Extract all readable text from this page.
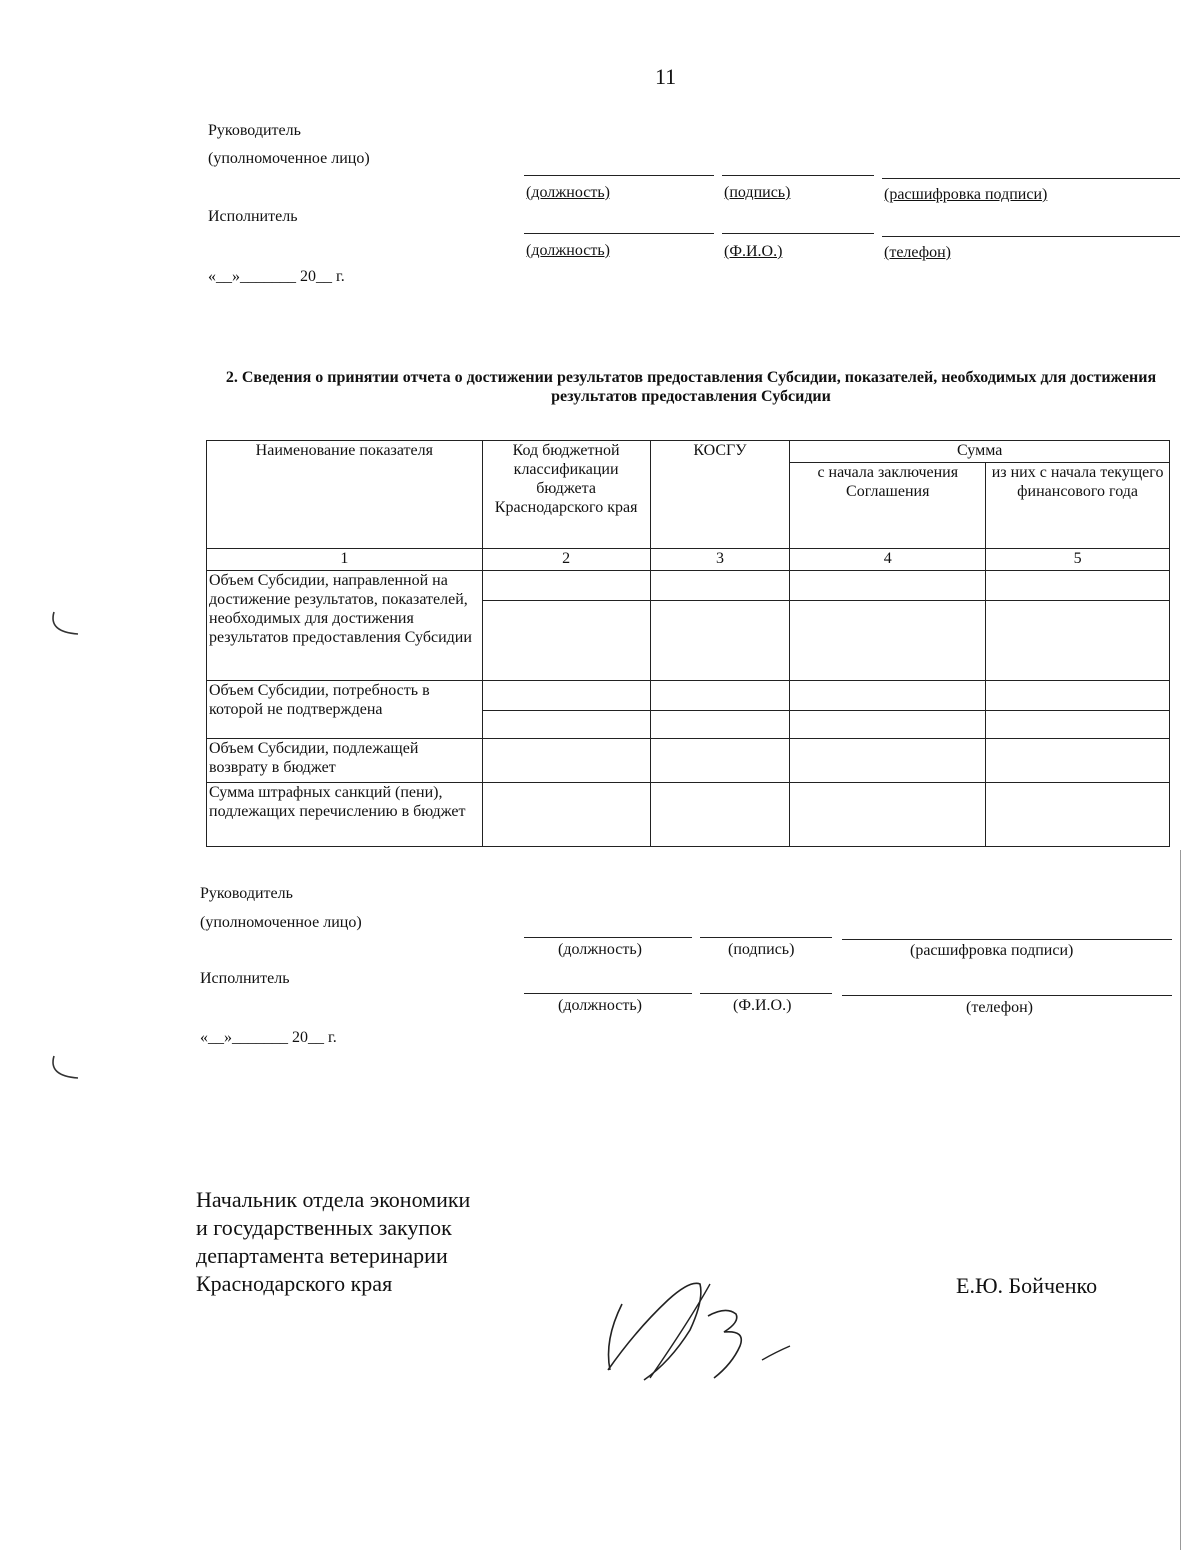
11
Руководитель
(уполномоченное лицо)
(должность)	(подпись)	(расшифровка подписи)
Исполнитель
(должность)	(Ф.И.О.)	(телефон)
«__»_______ 20__ г.
2. Сведения о принятии отчета о достижении результатов предоставления Субсидии, показателей, необходимых для достижения результатов предоставления Субсидии
Наименование показателя	Код бюджетной классификации бюджета Краснодарского края	КОСГУ	Сумма	
			с начала заключения Соглашения	из них с начала текущего финансового года
1	2	3	4	5
Объем Субсидии, направленной на достижение результатов, показателей, необходимых для достижения результатов предоставления Субсидии				

Объем Субсидии, потребность в которой не подтверждена				

Объем Субсидии, подлежащей возврату в бюджет				
Сумма штрафных санкций (пени), подлежащих перечислению в бюджет				
Руководитель
(уполномоченное лицо)
(должность)	(подпись)	(расшифровка подписи)
Исполнитель
(должность)	(Ф.И.О.)	(телефон)
«__»_______ 20__ г.
Начальник отдела экономики
и государственных закупок
департамента ветеринарии
Краснодарского края	Е.Ю. Бойченко
